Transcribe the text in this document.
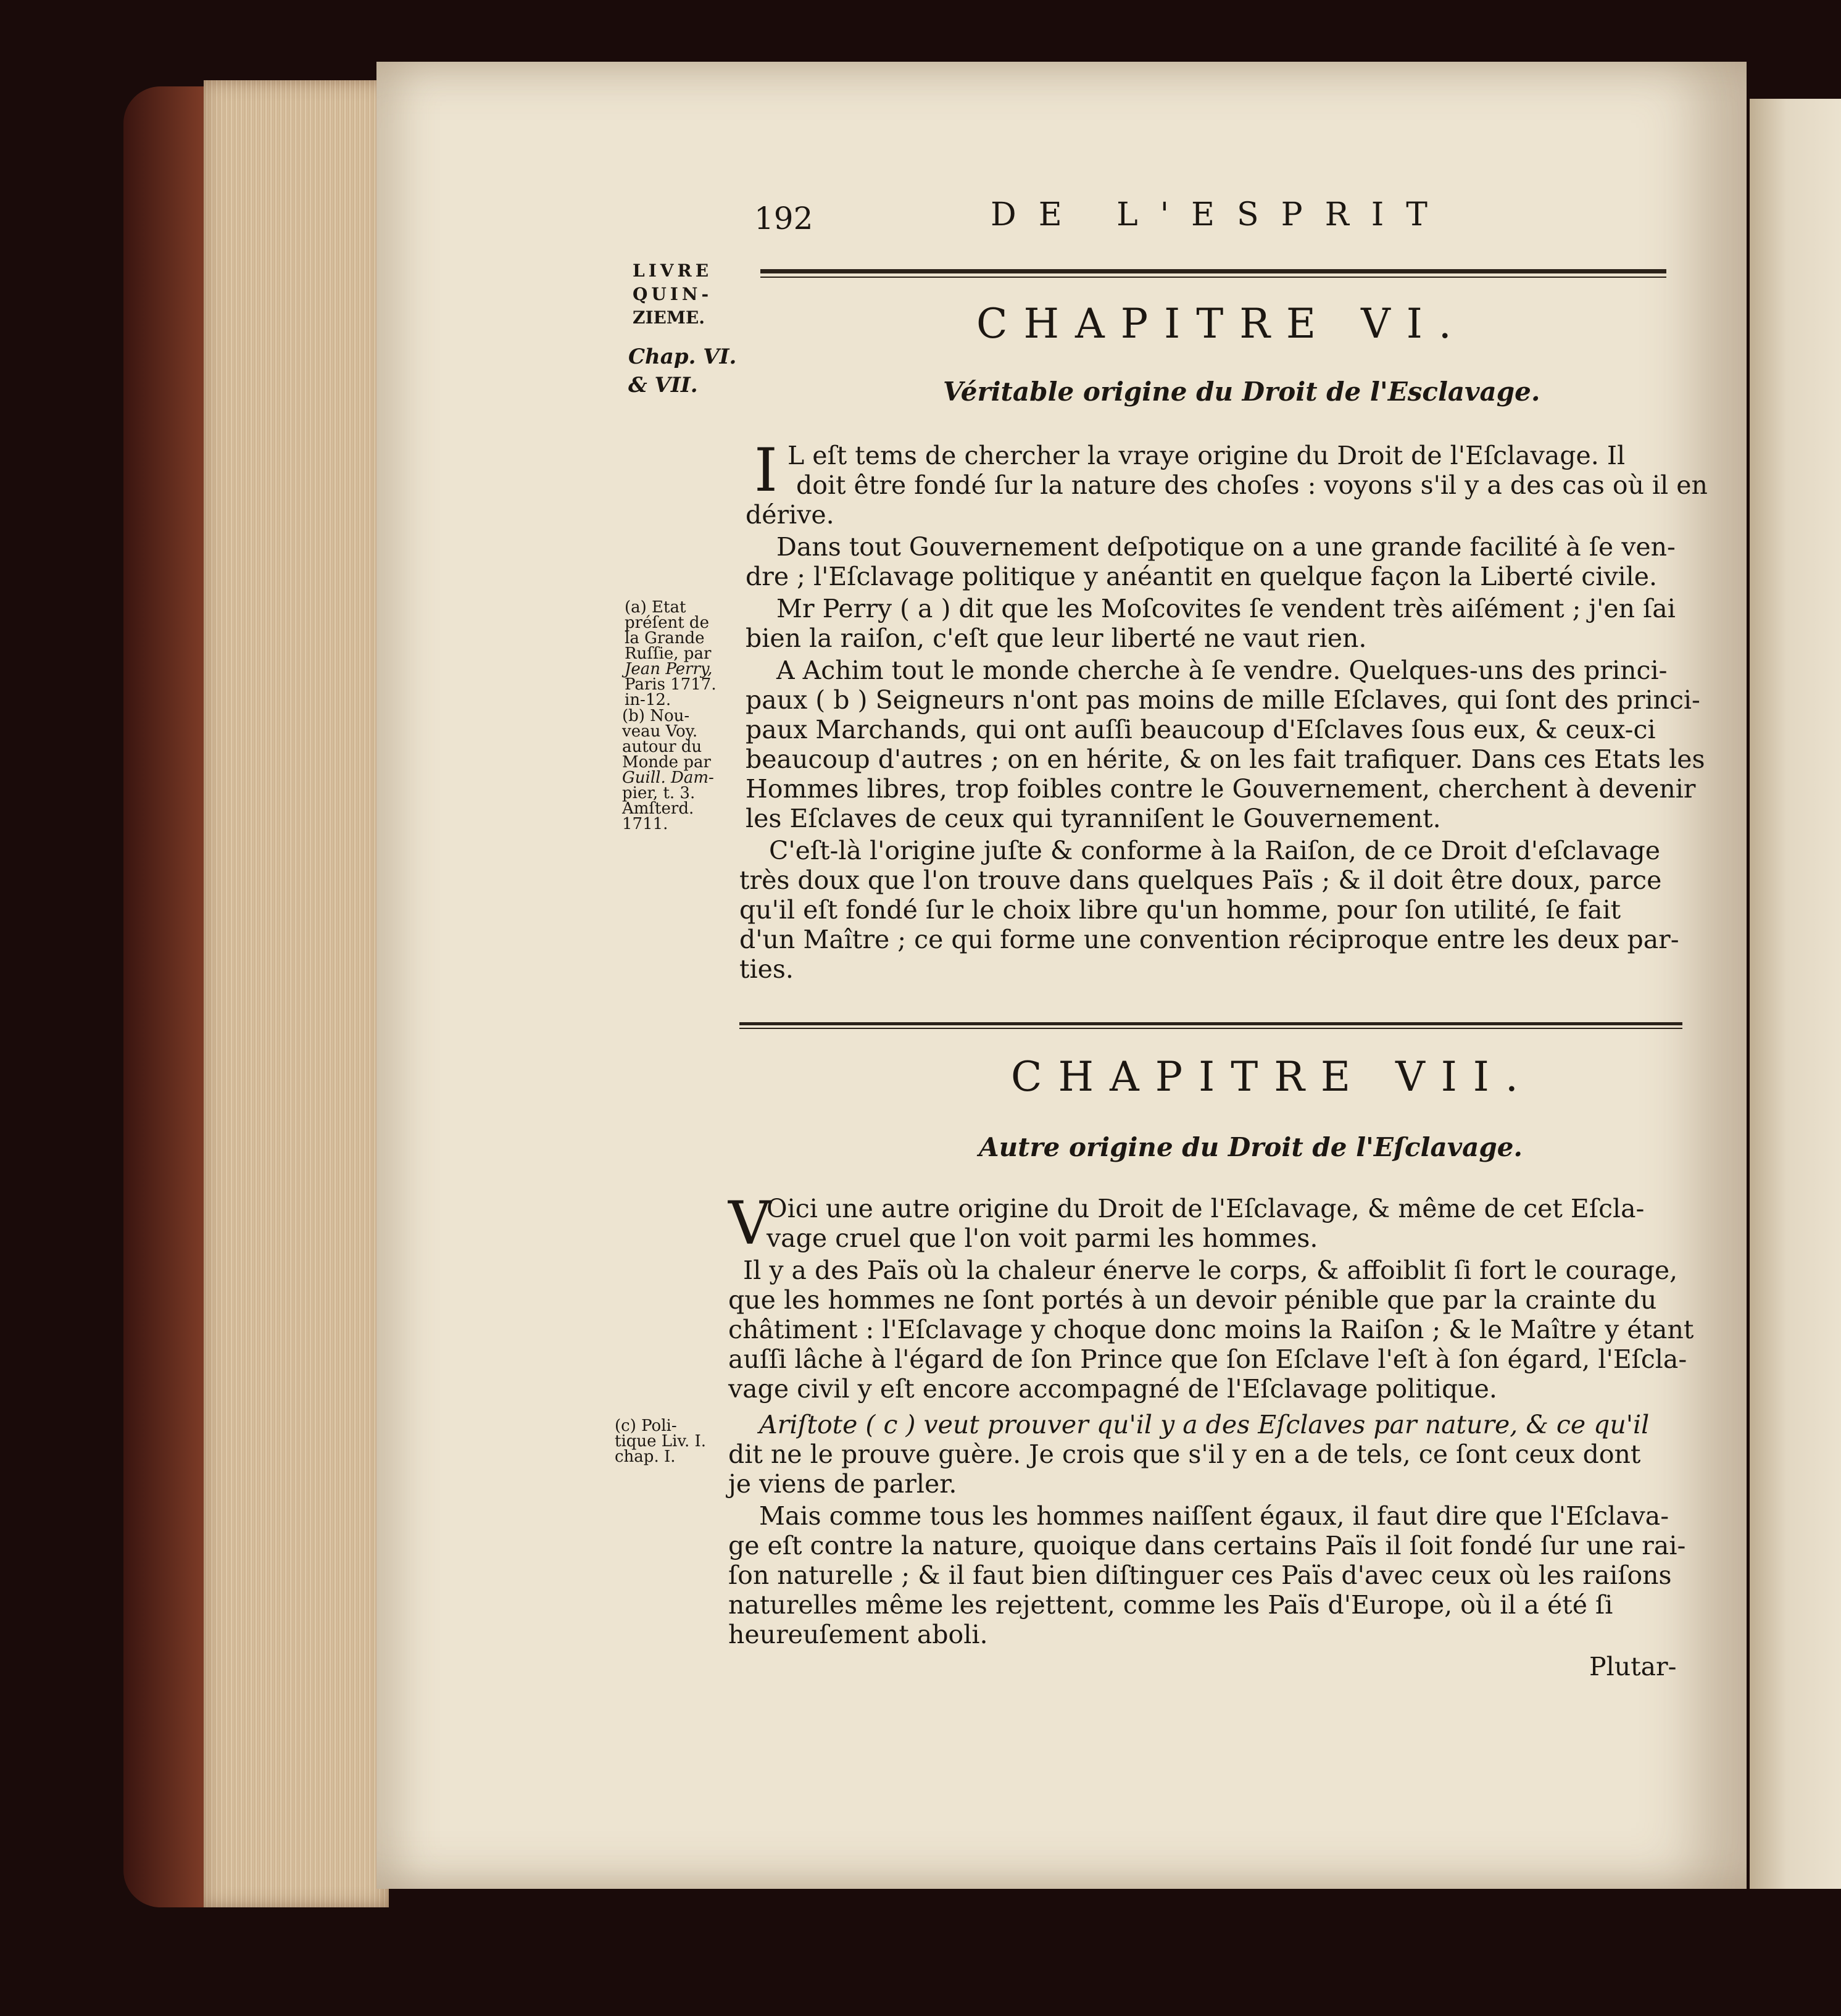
192	DE L'ESPRIT
LIVRE
QUIN-
ZIEME.
Chap. VI.
& VII.
CHAPITRE VI.
Véritable origine du Droit de l'Esclavage.
I L eſt tems de chercher la vraye origine du Droit de l'Eſclavage. Il
doit être fondé ſur la nature des choſes : voyons s'il y a des cas où il en
dérive.
Dans tout Gouvernement deſpotique on a une grande facilité à ſe ven-
dre ; l'Eſclavage politique y anéantit en quelque façon la Liberté civile.
Mr Perry ( a ) dit que les Moſcovites ſe vendent très aiſément ; j'en ſai
bien la raiſon, c'eſt que leur liberté ne vaut rien.
A Achim tout le monde cherche à ſe vendre. Quelques-uns des princi-
paux ( b ) Seigneurs n'ont pas moins de mille Eſclaves, qui ſont des princi-
paux Marchands, qui ont auſſi beaucoup d'Eſclaves ſous eux, & ceux-ci
beaucoup d'autres ; on en hérite, & on les fait trafiquer. Dans ces Etats les
Hommes libres, trop foibles contre le Gouvernement, cherchent à devenir
les Eſclaves de ceux qui tyranniſent le Gouvernement.
C'eſt-là l'origine juſte & conforme à la Raiſon, de ce Droit d'eſclavage
très doux que l'on trouve dans quelques Païs ; & il doit être doux, parce
qu'il eſt fondé ſur le choix libre qu'un homme, pour ſon utilité, ſe fait
d'un Maître ; ce qui forme une convention réciproque entre les deux par-
ties.
CHAPITRE VII.
Autre origine du Droit de l'Eſclavage.
V
Oici une autre origine du Droit de l'Eſclavage, & même de cet Eſcla-
vage cruel que l'on voit parmi les hommes.
Il y a des Païs où la chaleur énerve le corps, & affoiblit ſi fort le courage,
que les hommes ne ſont portés à un devoir pénible que par la crainte du
châtiment : l'Eſclavage y choque donc moins la Raiſon ; & le Maître y étant
auſſi lâche à l'égard de ſon Prince que ſon Eſclave l'eſt à ſon égard, l'Eſcla-
vage civil y eſt encore accompagné de l'Eſclavage politique.
Ariſtote ( c ) veut prouver qu'il y a des Eſclaves par nature, & ce qu'il
dit ne le prouve guère. Je crois que s'il y en a de tels, ce ſont ceux dont
je viens de parler.
Mais comme tous les hommes naiſſent égaux, il faut dire que l'Eſclava-
ge eſt contre la nature, quoique dans certains Païs il ſoit fondé ſur une rai-
ſon naturelle ; & il faut bien diſtinguer ces Païs d'avec ceux où les raiſons
naturelles même les rejettent, comme les Païs d'Europe, où il a été ſi
heureuſement aboli.
Plutar-
(a) Etat
préſent de
la Grande
Ruſſie, par
Jean Perry,
Paris 1717.
in-12.
(b) Nou-
veau Voy.
autour du
Monde par
Guill. Dam-
pier, t. 3.
Amſterd.
1711.
(c) Poli-
tique Liv. I.
chap. I.
